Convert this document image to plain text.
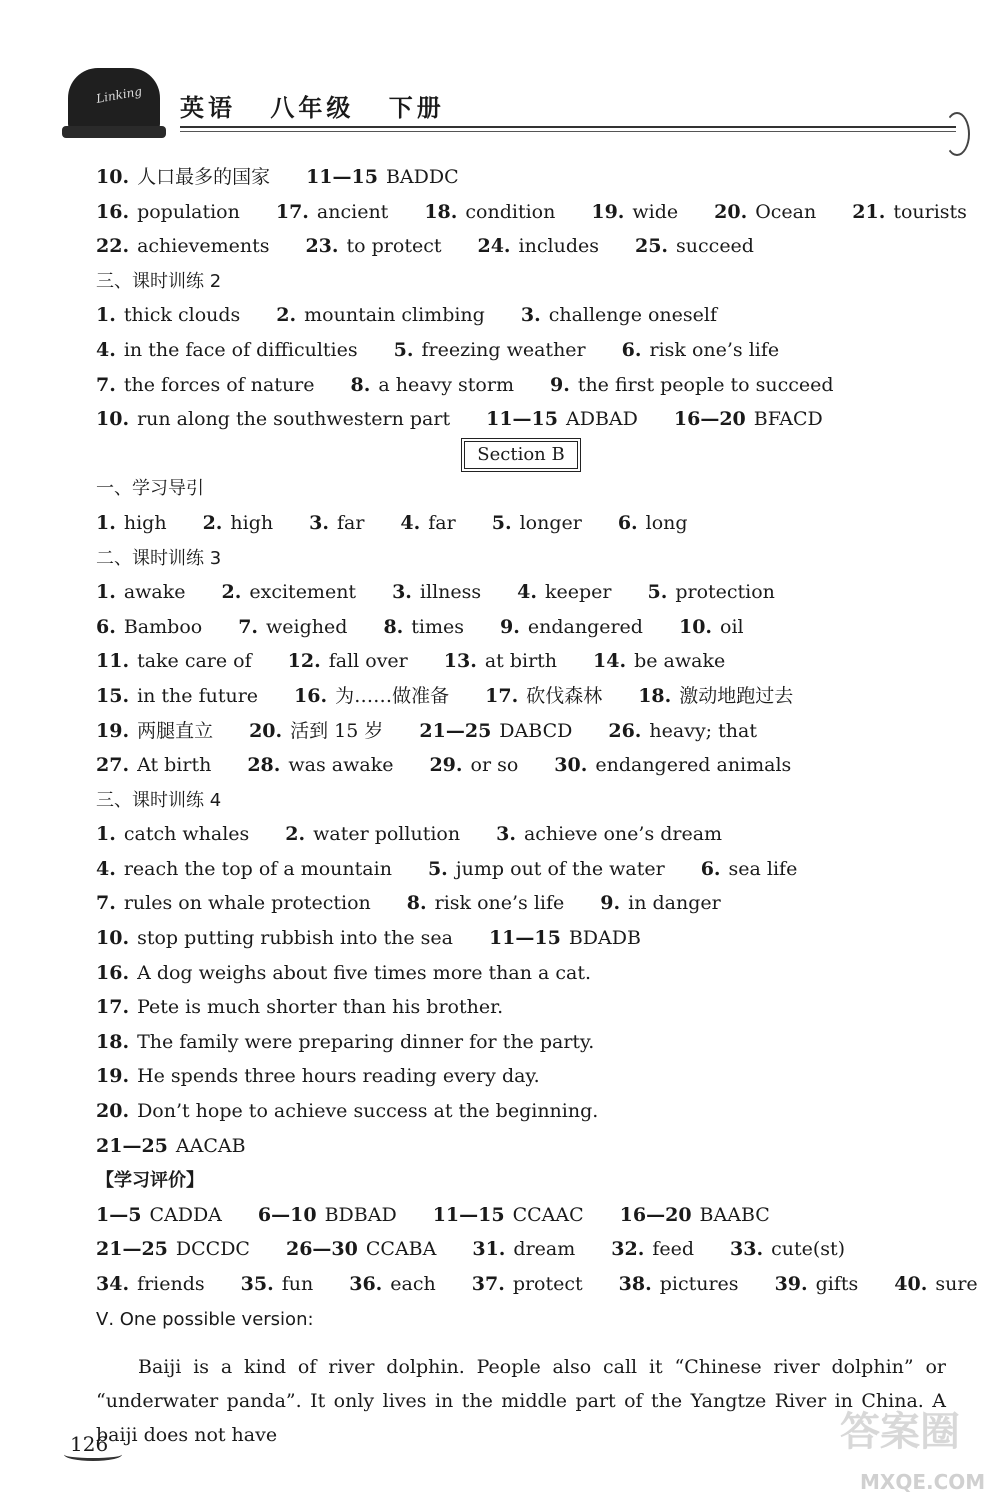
Linking 英语 八年级 下册
10. 人口最多的国家 11—15 BADDC
16. population 17. ancient 18. condition 19. wide 20. Ocean 21. tourists
22. achievements 23. to protect 24. includes 25. succeed
三、课时训练 2
1. thick clouds 2. mountain climbing 3. challenge oneself
4. in the face of difficulties 5. freezing weather 6. risk one’s life
7. the forces of nature 8. a heavy storm 9. the first people to succeed
10. run along the southwestern part 11—15 ADBAD 16—20 BFACD
Section B
一、学习导引
1. high 2. high 3. far 4. far 5. longer 6. long
二、课时训练 3
1. awake 2. excitement 3. illness 4. keeper 5. protection
6. Bamboo 7. weighed 8. times 9. endangered 10. oil
11. take care of 12. fall over 13. at birth 14. be awake
15. in the future 16. 为……做准备 17. 砍伐森林 18. 激动地跑过去
19. 两腿直立 20. 活到 15 岁 21—25 DABCD 26. heavy; that
27. At birth 28. was awake 29. or so 30. endangered animals
三、课时训练 4
1. catch whales 2. water pollution 3. achieve one’s dream
4. reach the top of a mountain 5. jump out of the water 6. sea life
7. rules on whale protection 8. risk one’s life 9. in danger
10. stop putting rubbish into the sea 11—15 BDADB
16. A dog weighs about five times more than a cat.
17. Pete is much shorter than his brother.
18. The family were preparing dinner for the party.
19. He spends three hours reading every day.
20. Don’t hope to achieve success at the beginning.
21—25 AACAB
【学习评价】
1—5 CADDA 6—10 BDBAD 11—15 CCAAC 16—20 BAABC
21—25 DCCDC 26—30 CCABA 31. dream 32. feed 33. cute(st)
34. friends 35. fun 36. each 37. protect 38. pictures 39. gifts 40. sure
Ⅴ. One possible version:

Baiji is a kind of river dolphin. People also call it “Chinese river dolphin” or “underwater panda”. It only lives in the middle part of the Yangtze River in China. A baiji does not have

126	答案圈
MXQE.COM
